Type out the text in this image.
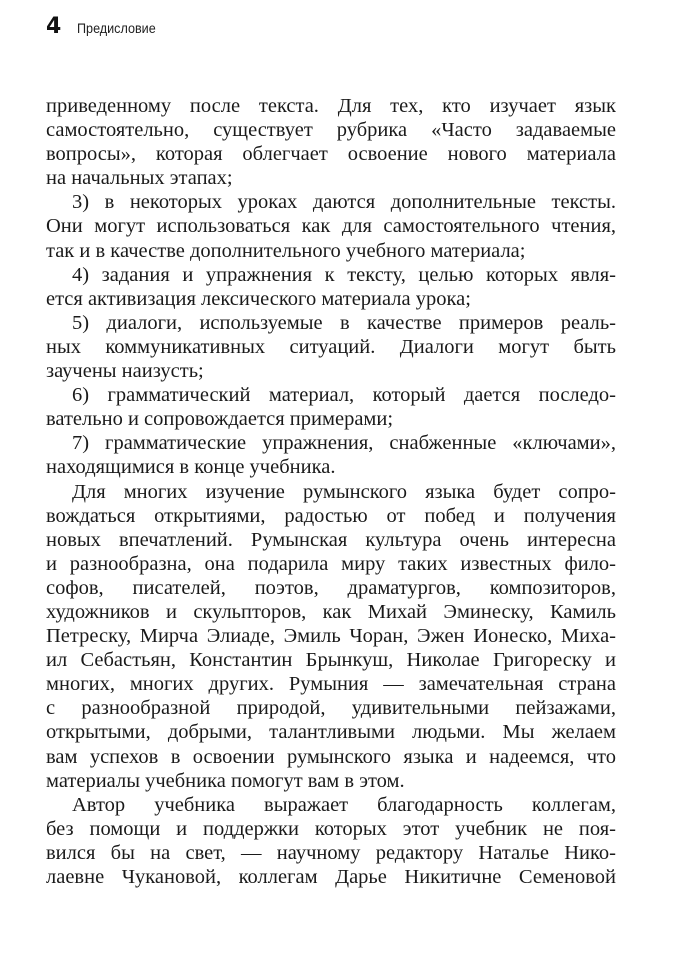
4 Предисловие
приведенному после текста. Для тех, кто изучает язык
самостоятельно, существует рубрика «Часто задаваемые
вопросы», которая облегчает освоение нового материала
на начальных этапах;
3) в некоторых уроках даются дополнительные тексты.
Они могут использоваться как для самостоятельного чтения,
так и в качестве дополнительного учебного материала;
4) задания и упражнения к тексту, целью которых явля-
ется активизация лексического материала урока;
5) диалоги, используемые в качестве примеров реаль-
ных коммуникативных ситуаций. Диалоги могут быть
заучены наизусть;
6) грамматический материал, который дается последо-
вательно и сопровождается примерами;
7) грамматические упражнения, снабженные «ключами»,
находящимися в конце учебника.
Для многих изучение румынского языка будет сопро-
вождаться открытиями, радостью от побед и получения
новых впечатлений. Румынская культура очень интересна
и разнообразна, она подарила миру таких известных фило-
софов, писателей, поэтов, драматургов, композиторов,
художников и скульпторов, как Михай Эминеску, Камиль
Петреску, Мирча Элиаде, Эмиль Чоран, Эжен Ионеско, Миха-
ил Себастьян, Константин Брынкуш, Николае Григореску и
многих, многих других. Румыния — замечательная страна
с разнообразной природой, удивительными пейзажами,
открытыми, добрыми, талантливыми людьми. Мы желаем
вам успехов в освоении румынского языка и надеемся, что
материалы учебника помогут вам в этом.
Автор учебника выражает благодарность коллегам,
без помощи и поддержки которых этот учебник не поя-
вился бы на свет, — научному редактору Наталье Нико-
лаевне Чукановой, коллегам Дарье Никитичне Семеновой
